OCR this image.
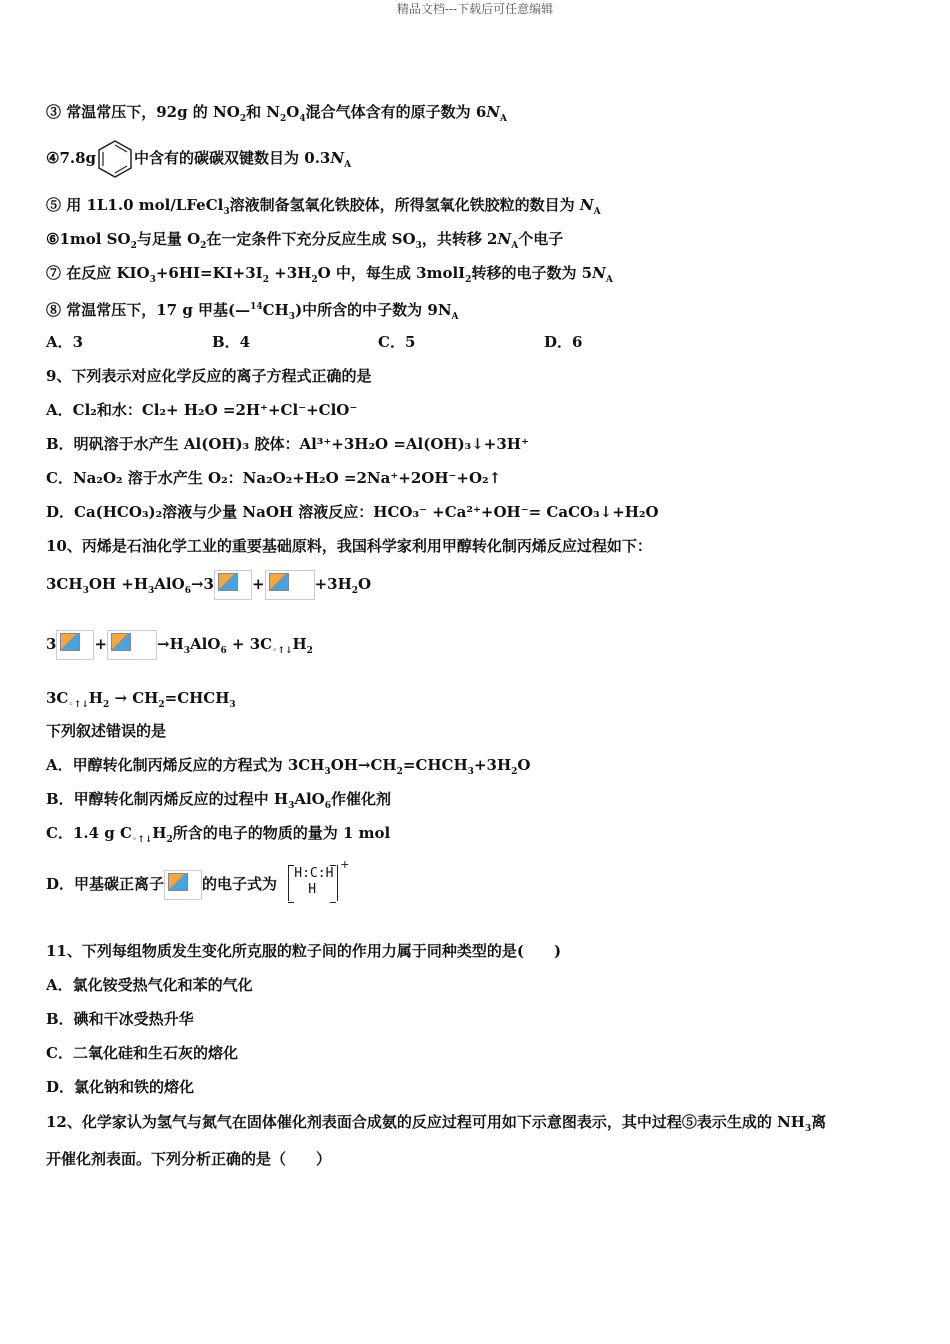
精品文档---下载后可任意编辑
③ 常温常压下，92g 的 $NO_2$和 $N_2O_4$混合气体含有的原子数为 $6N_A$
④7.8g	中含有的碳碳双键数目为 $0.3N_A$
⑤ 用 1L1.0 mol/LFeCl$_3$溶液制备氢氧化铁胶体，所得氢氧化铁胶粒的数目为 $N_A$
⑥1mol $SO_2$与足量 $O_2$在一定条件下充分反应生成 $SO_3$，共转移 $2N_A$个电子
⑦ 在反应 $KIO_3+6HI=KI+3I_2 +3H_2O$ 中，每生成 3molI$_2$转移的电子数为 $5N_A$
⑧ 常温常压下，17 g 甲基$(—^{14}CH_3)$中所含的中子数为 $9N_A$
A．3	B．4	C．5	D．6
9、下列表示对应化学反应的离子方程式正确的是
A．Cl₂和水：Cl₂+ H₂O =2H⁺+Cl⁻+ClO⁻
B．明矾溶于水产生 Al(OH)₃ 胶体：Al³⁺+3H₂O =Al(OH)₃↓+3H⁺
C．Na₂O₂ 溶于水产生 O₂：Na₂O₂+H₂O =2Na⁺+2OH⁻+O₂↑
D．Ca(HCO₃)₂溶液与少量 NaOH 溶液反应：HCO₃⁻ +Ca²⁺+OH⁻= CaCO₃↓+H₂O
10、丙烯是石油化学工业的重要基础原料，我国科学家利用甲醇转化制丙烯反应过程如下：
$3CH_3OH +H_3AlO_6\to 3$	+	$+3H_2O$
3	+	$\to H_3AlO_6 + 3C_{◦↑↓}H_2$
$3C_{◦↑↓}H_2$ → $CH_2=CHCH_3$
下列叙述错误的是
A．甲醇转化制丙烯反应的方程式为 $3CH_3OH\to CH_2=CHCH_3+3H_2O$
B．甲醇转化制丙烯反应的过程中 $H_3AlO_6$作催化剂
C．1.4 g $C_{◦↑↓}H_2$所含的电子的物质的量为 1 mol
D．甲基碳正离子	的电子式为
H:C:H
H
+
11、下列每组物质发生变化所克服的粒子间的作用力属于同种类型的是(　　)
A．氯化铵受热气化和苯的气化
B．碘和干冰受热升华
C．二氧化硅和生石灰的熔化
D．氯化钠和铁的熔化
12、化学家认为氢气与氮气在固体催化剂表面合成氨的反应过程可用如下示意图表示，其中过程⑤表示生成的 $NH_3$离
开催化剂表面。下列分析正确的是（　　）
